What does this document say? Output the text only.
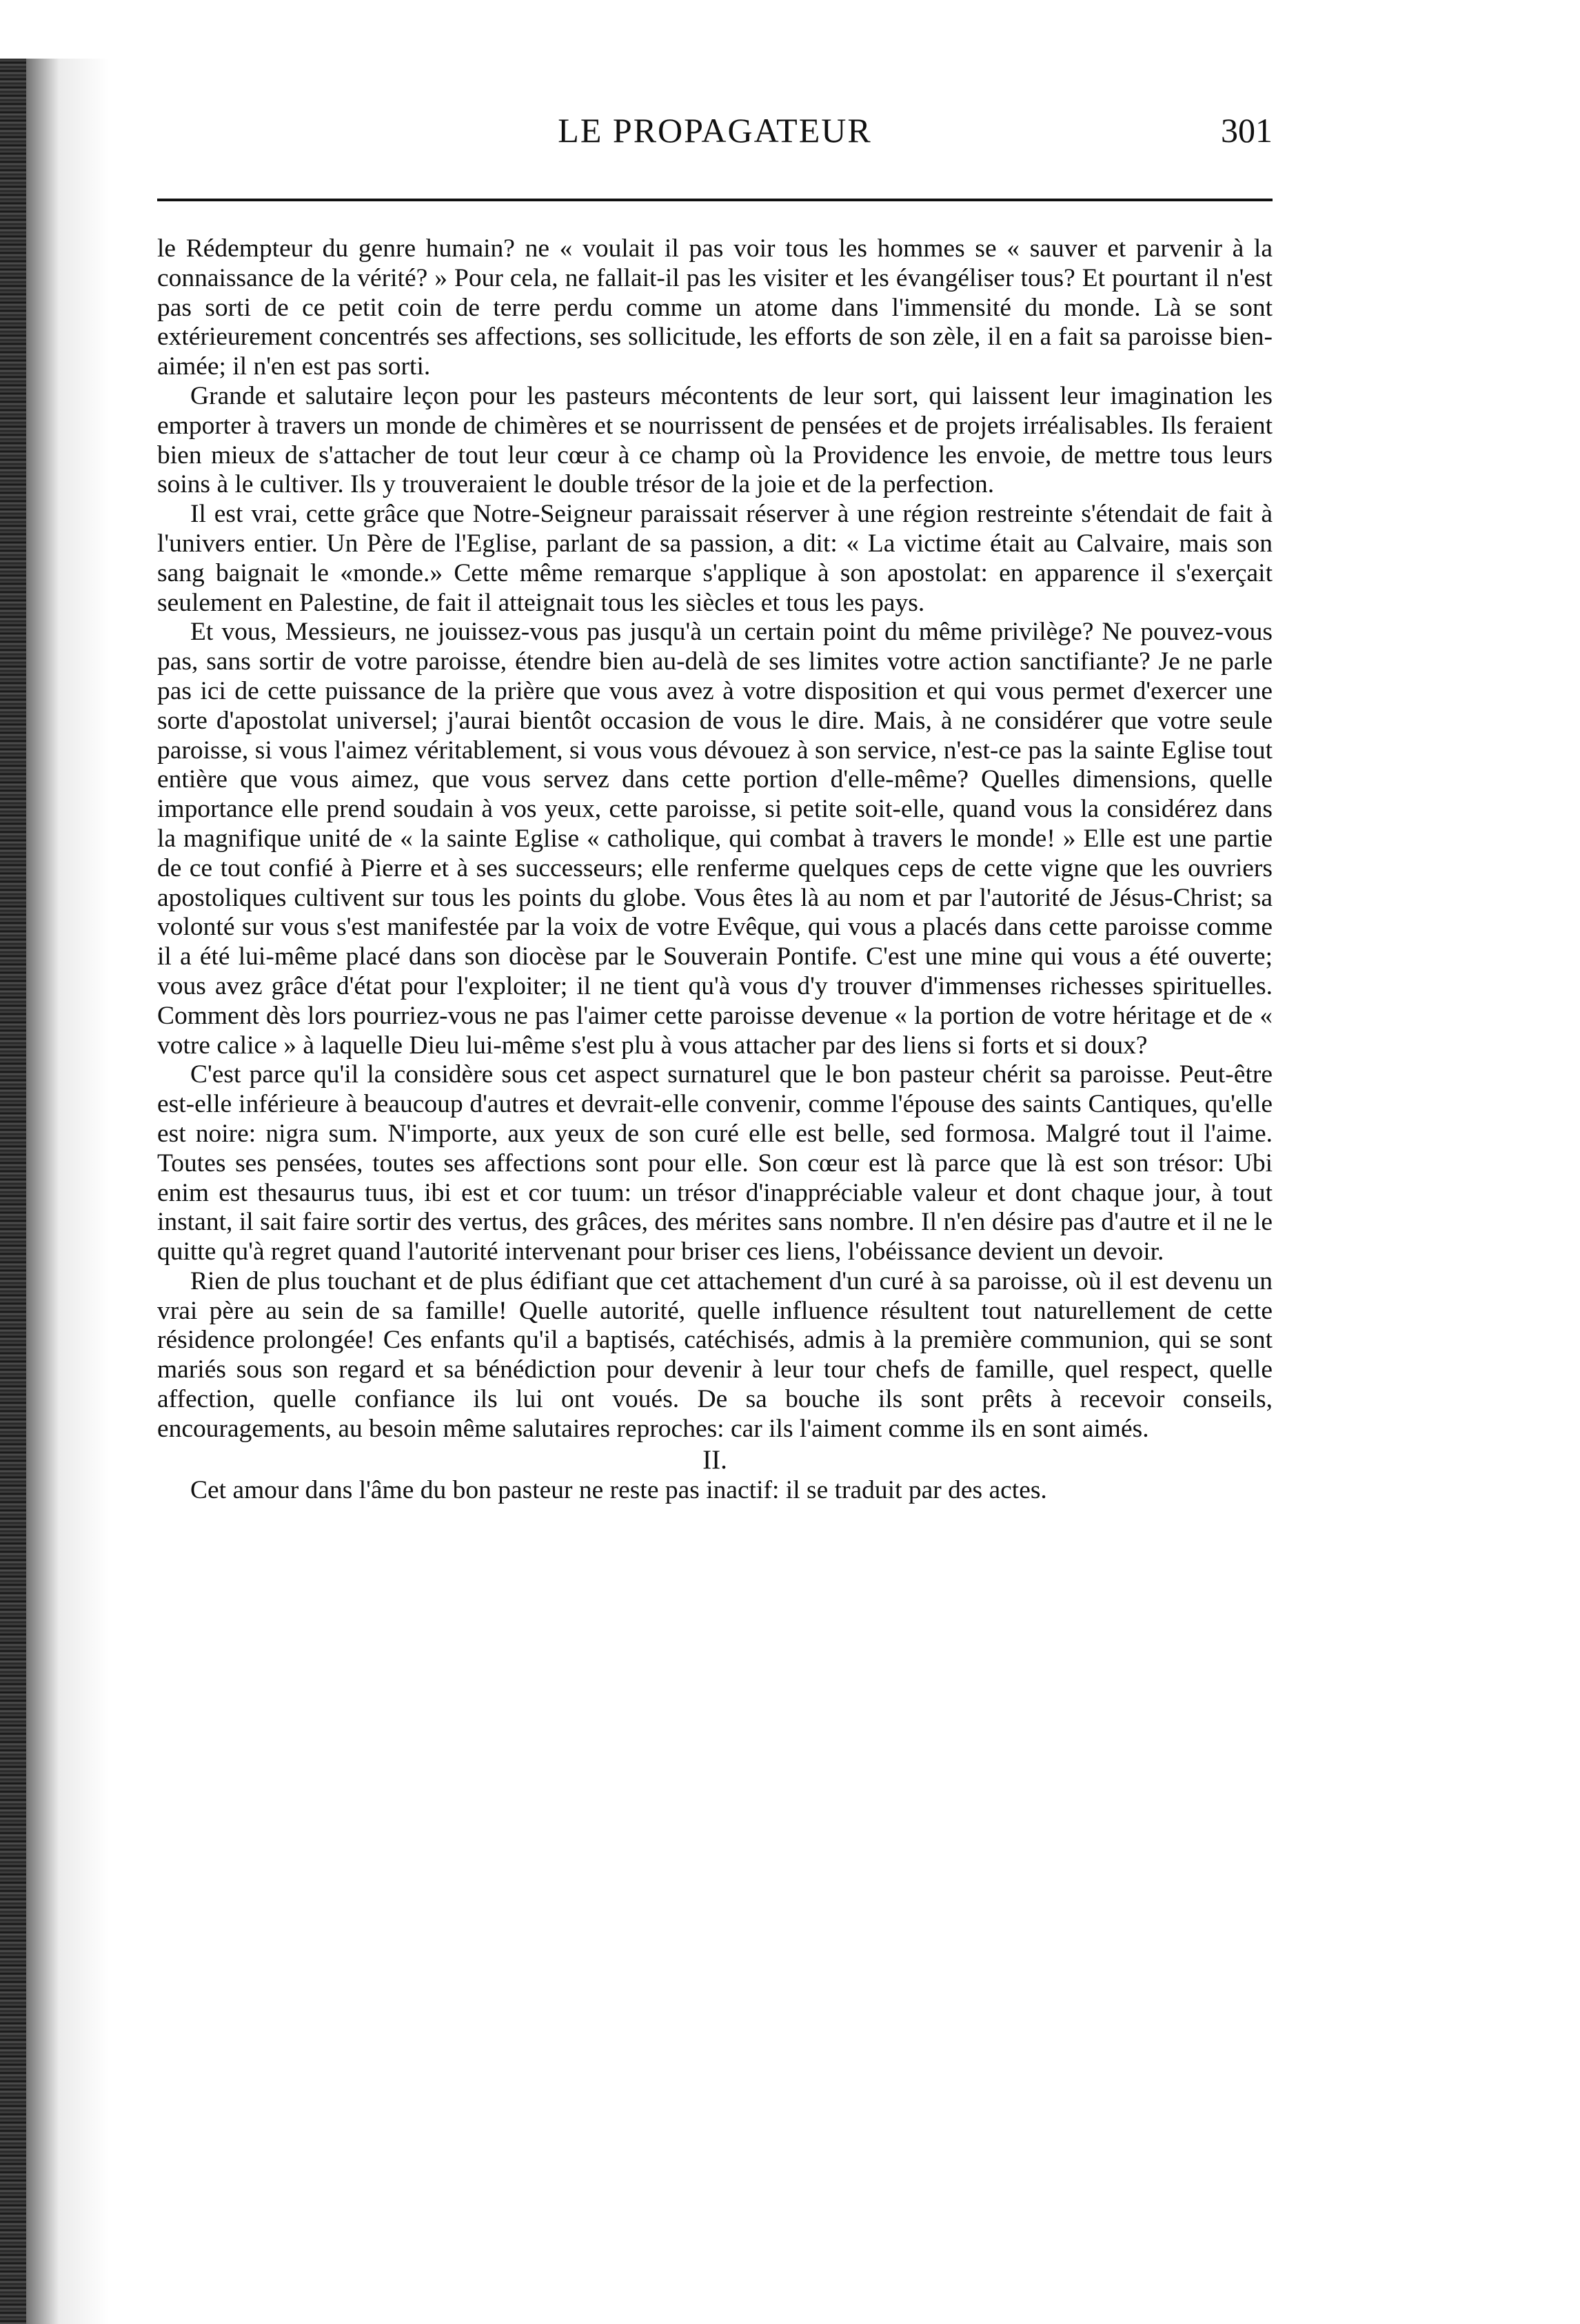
LE PROPAGATEUR	301

le Rédempteur du genre humain? ne « voulait il pas voir tous les hommes se « sauver et parvenir à la connaissance de la vérité? » Pour cela, ne fallait-il pas les visiter et les évangéliser tous? Et pourtant il n'est pas sorti de ce petit coin de terre perdu comme un atome dans l'immensité du monde. Là se sont extérieurement concentrés ses affections, ses sollicitude, les efforts de son zèle, il en a fait sa paroisse bien-aimée; il n'en est pas sorti.

Grande et salutaire leçon pour les pasteurs mécontents de leur sort, qui laissent leur imagination les emporter à travers un monde de chimères et se nourrissent de pensées et de projets irréalisables. Ils feraient bien mieux de s'attacher de tout leur cœur à ce champ où la Providence les envoie, de mettre tous leurs soins à le cultiver. Ils y trouveraient le double trésor de la joie et de la perfection.

Il est vrai, cette grâce que Notre-Seigneur paraissait réserver à une région restreinte s'étendait de fait à l'univers entier. Un Père de l'Eglise, parlant de sa passion, a dit: « La victime était au Calvaire, mais son sang baignait le «monde.» Cette même remarque s'applique à son apostolat: en apparence il s'exerçait seulement en Palestine, de fait il atteignait tous les siècles et tous les pays.

Et vous, Messieurs, ne jouissez-vous pas jusqu'à un certain point du même privilège? Ne pouvez-vous pas, sans sortir de votre paroisse, étendre bien au-delà de ses limites votre action sanctifiante? Je ne parle pas ici de cette puissance de la prière que vous avez à votre disposition et qui vous permet d'exercer une sorte d'apostolat universel; j'aurai bientôt occasion de vous le dire. Mais, à ne considérer que votre seule paroisse, si vous l'aimez véritablement, si vous vous dévouez à son service, n'est-ce pas la sainte Eglise tout entière que vous aimez, que vous servez dans cette portion d'elle-même? Quelles dimensions, quelle importance elle prend soudain à vos yeux, cette paroisse, si petite soit-elle, quand vous la considérez dans la magnifique unité de « la sainte Eglise « catholique, qui combat à travers le monde! » Elle est une partie de ce tout confié à Pierre et à ses successeurs; elle renferme quelques ceps de cette vigne que les ouvriers apostoliques cultivent sur tous les points du globe. Vous êtes là au nom et par l'autorité de Jésus-Christ; sa volonté sur vous s'est manifestée par la voix de votre Evêque, qui vous a placés dans cette paroisse comme il a été lui-même placé dans son diocèse par le Souverain Pontife. C'est une mine qui vous a été ouverte; vous avez grâce d'état pour l'exploiter; il ne tient qu'à vous d'y trouver d'immenses richesses spirituelles. Comment dès lors pourriez-vous ne pas l'aimer cette paroisse devenue « la portion de votre héritage et de « votre calice » à laquelle Dieu lui-même s'est plu à vous attacher par des liens si forts et si doux?

C'est parce qu'il la considère sous cet aspect surnaturel que le bon pasteur chérit sa paroisse. Peut-être est-elle inférieure à beaucoup d'autres et devrait-elle convenir, comme l'épouse des saints Cantiques, qu'elle est noire: nigra sum. N'importe, aux yeux de son curé elle est belle, sed formosa. Malgré tout il l'aime. Toutes ses pensées, toutes ses affections sont pour elle. Son cœur est là parce que là est son trésor: Ubi enim est thesaurus tuus, ibi est et cor tuum: un trésor d'inappréciable valeur et dont chaque jour, à tout instant, il sait faire sortir des vertus, des grâces, des mérites sans nombre. Il n'en désire pas d'autre et il ne le quitte qu'à regret quand l'autorité intervenant pour briser ces liens, l'obéissance devient un devoir.

Rien de plus touchant et de plus édifiant que cet attachement d'un curé à sa paroisse, où il est devenu un vrai père au sein de sa famille! Quelle autorité, quelle influence résultent tout naturellement de cette résidence prolongée! Ces enfants qu'il a baptisés, catéchisés, admis à la première communion, qui se sont mariés sous son regard et sa bénédiction pour devenir à leur tour chefs de famille, quel respect, quelle affection, quelle confiance ils lui ont voués. De sa bouche ils sont prêts à recevoir conseils, encouragements, au besoin même salutaires reproches: car ils l'aiment comme ils en sont aimés.

II.

Cet amour dans l'âme du bon pasteur ne reste pas inactif: il se traduit par des actes.
